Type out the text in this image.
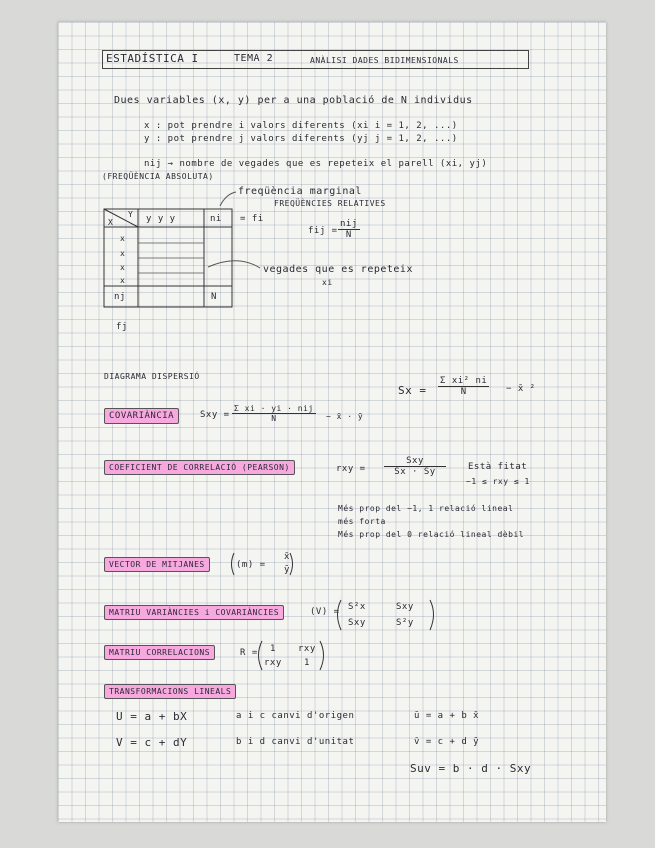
ESTADÍSTICA I	TEMA 2	ANÀLISI DADES BIDIMENSIONALS
Dues variables (x, y) per a una població de N individus
x : pot prendre i valors diferents (xi i = 1, 2, ...)
y : pot prendre j valors diferents (yj j = 1, 2, ...)
nij → nombre de vegades que es repeteix el parell (xi, yj)
(FREQÜÈNCIA ABSOLUTA)
Y
X	y y y	ni
x
x
x
x
nj	N
fj
freqüència marginal
FREQÜÈNCIES RELATIVES
= fi
fij =
nij
N
vegades que es repeteix
xi
DIAGRAMA DISPERSIÓ
$Sx = \frac{\text{Σ xi² ni}}{N}$ − x̄ ²
COVARIÀNCIA	Sxy =
Σ xi · yi · nij
N	− x̄ · ȳ
COEFICIENT DE CORRELACIÓ (PEARSON)	rxy =
Sxy
Sx · Sy	Està fitat
−1 ≤ rxy ≤ 1
Més prop del −1, 1 relació lineal
més forta
Més prop del 0 relació lineal dèbil
VECTOR DE MITJANES	(m) =
x̄
ȳ
MATRIU VARIÀNCIES i COVARIÀNCIES	(V) = S²x	Sxy
Sxy	S²y
MATRIU CORRELACIONS	R = 1 rxy
rxy 1
TRANSFORMACIONS LINEALS
U = a + bX
V = c + dY
a i c canvi d'origen
b i d canvi d'unitat
ū = a + b x̄
v̄ = c + d ȳ
Suv = b · d · Sxy
